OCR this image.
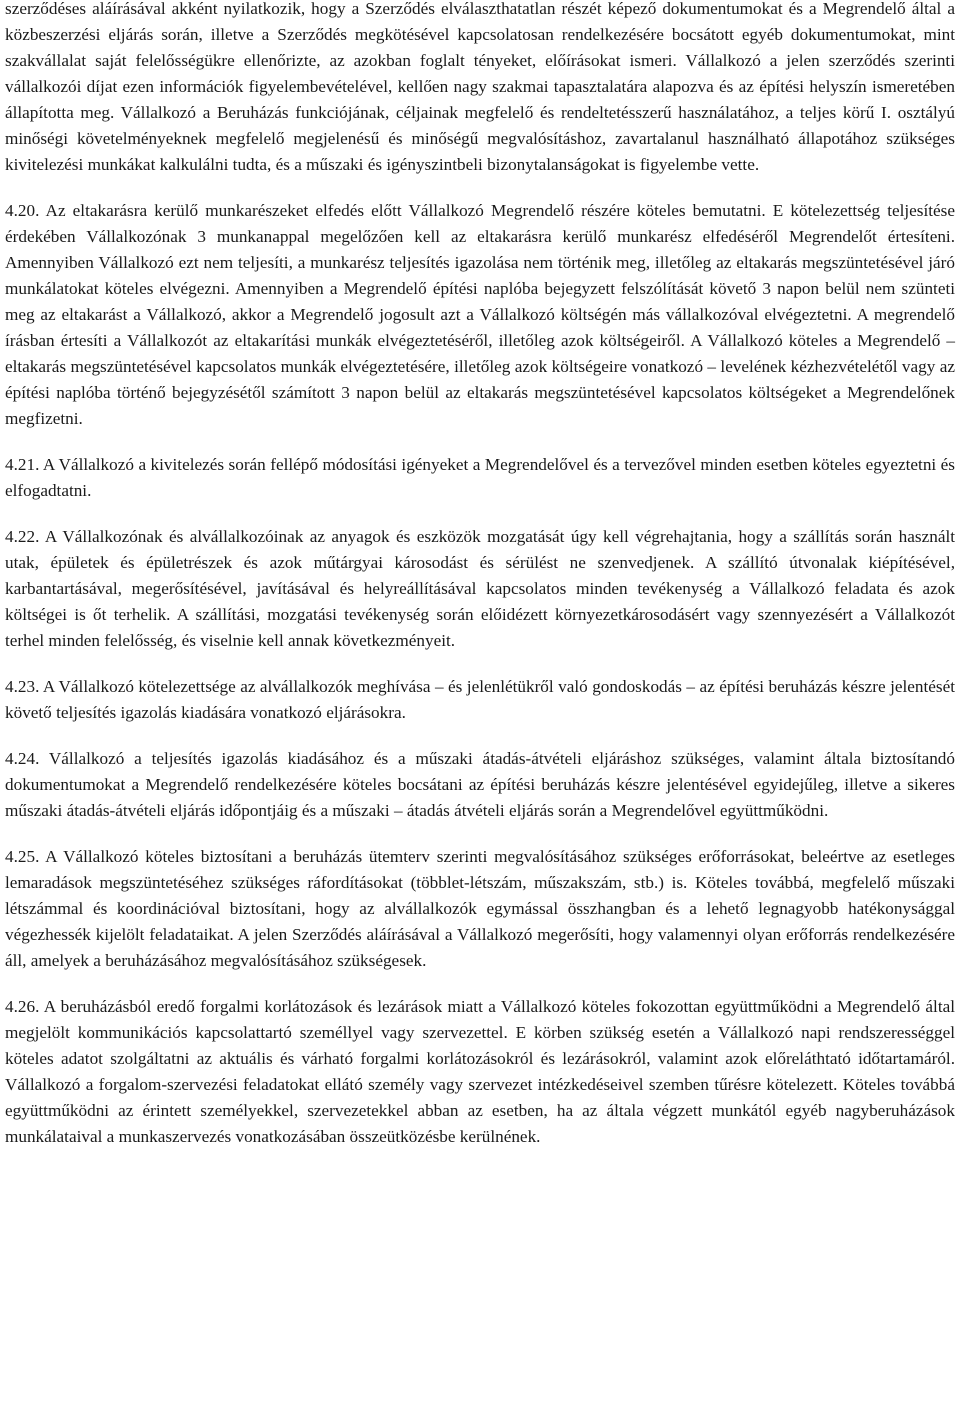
szerződéses aláírásával akként nyilatkozik, hogy a Szerződés elválaszthatatlan részét képező dokumentumokat és a Megrendelő által a közbeszerzési eljárás során, illetve a Szerződés megkötésével kapcsolatosan rendelkezésére bocsátott egyéb dokumentumokat, mint szakvállalat saját felelősségükre ellenőrizte, az azokban foglalt tényeket, előírásokat ismeri. Vállalkozó a jelen szerződés szerinti vállalkozói díjat ezen információk figyelembevételével, kellően nagy szakmai tapasztalatára alapozva és az építési helyszín ismeretében állapította meg. Vállalkozó a Beruházás funkciójának, céljainak megfelelő és rendeltetésszerű használatához, a teljes körű I. osztályú minőségi követelményeknek megfelelő megjelenésű és minőségű megvalósításhoz, zavartalanul használható állapotához szükséges kivitelezési munkákat kalkulálni tudta, és a műszaki és igényszintbeli bizonytalanságokat is figyelembe vette.

4.20. Az eltakarásra kerülő munkarészeket elfedés előtt Vállalkozó Megrendelő részére köteles bemutatni. E kötelezettség teljesítése érdekében Vállalkozónak 3 munkanappal megelőzően kell az eltakarásra kerülő munkarész elfedéséről Megrendelőt értesíteni. Amennyiben Vállalkozó ezt nem teljesíti, a munkarész teljesítés igazolása nem történik meg, illetőleg az eltakarás megszüntetésével járó munkálatokat köteles elvégezni. Amennyiben a Megrendelő építési naplóba bejegyzett felszólítását követő 3 napon belül nem szünteti meg az eltakarást a Vállalkozó, akkor a Megrendelő jogosult azt a Vállalkozó költségén más vállalkozóval elvégeztetni. A megrendelő írásban értesíti a Vállalkozót az eltakarítási munkák elvégeztetéséről, illetőleg azok költségeiről. A Vállalkozó köteles a Megrendelő – eltakarás megszüntetésével kapcsolatos munkák elvégeztetésére, illetőleg azok költségeire vonatkozó – levelének kézhezvételétől vagy az építési naplóba történő bejegyzésétől számított 3 napon belül az eltakarás megszüntetésével kapcsolatos költségeket a Megrendelőnek megfizetni.

4.21. A Vállalkozó a kivitelezés során fellépő módosítási igényeket a Megrendelővel és a tervezővel minden esetben köteles egyeztetni és elfogadtatni.

4.22. A Vállalkozónak és alvállalkozóinak az anyagok és eszközök mozgatását úgy kell végrehajtania, hogy a szállítás során használt utak, épületek és épületrészek és azok műtárgyai károsodást és sérülést ne szenvedjenek. A szállító útvonalak kiépítésével, karbantartásával, megerősítésével, javításával és helyreállításával kapcsolatos minden tevékenység a Vállalkozó feladata és azok költségei is őt terhelik. A szállítási, mozgatási tevékenység során előidézett környezetkárosodásért vagy szennyezésért a Vállalkozót terhel minden felelősség, és viselnie kell annak következményeit.

4.23. A Vállalkozó kötelezettsége az alvállalkozók meghívása – és jelenlétükről való gondoskodás – az építési beruházás készre jelentését követő teljesítés igazolás kiadására vonatkozó eljárásokra.

4.24. Vállalkozó a teljesítés igazolás kiadásához és a műszaki átadás-átvételi eljáráshoz szükséges, valamint általa biztosítandó dokumentumokat a Megrendelő rendelkezésére köteles bocsátani az építési beruházás készre jelentésével egyidejűleg, illetve a sikeres műszaki átadás-átvételi eljárás időpontjáig és a műszaki – átadás átvételi eljárás során a Megrendelővel együttműködni.

4.25. A Vállalkozó köteles biztosítani a beruházás ütemterv szerinti megvalósításához szükséges erőforrásokat, beleértve az esetleges lemaradások megszüntetéséhez szükséges ráfordításokat (többlet-létszám, műszakszám, stb.) is. Köteles továbbá, megfelelő műszaki létszámmal és koordinációval biztosítani, hogy az alvállalkozók egymással összhangban és a lehető legnagyobb hatékonysággal végezhessék kijelölt feladataikat. A jelen Szerződés aláírásával a Vállalkozó megerősíti, hogy valamennyi olyan erőforrás rendelkezésére áll, amelyek a beruházásához megvalósításához szükségesek.

4.26. A beruházásból eredő forgalmi korlátozások és lezárások miatt a Vállalkozó köteles fokozottan együttműködni a Megrendelő által megjelölt kommunikációs kapcsolattartó személlyel vagy szervezettel. E körben szükség esetén a Vállalkozó napi rendszerességgel köteles adatot szolgáltatni az aktuális és várható forgalmi korlátozásokról és lezárásokról, valamint azok előreláthtató időtartamáról. Vállalkozó a forgalom-szervezési feladatokat ellátó személy vagy szervezet intézkedéseivel szemben tűrésre kötelezett. Köteles továbbá együttműködni az érintett személyekkel, szervezetekkel abban az esetben, ha az általa végzett munkától egyéb nagyberuházások munkálataival a munkaszervezés vonatkozásában összeütközésbe kerülnének.
